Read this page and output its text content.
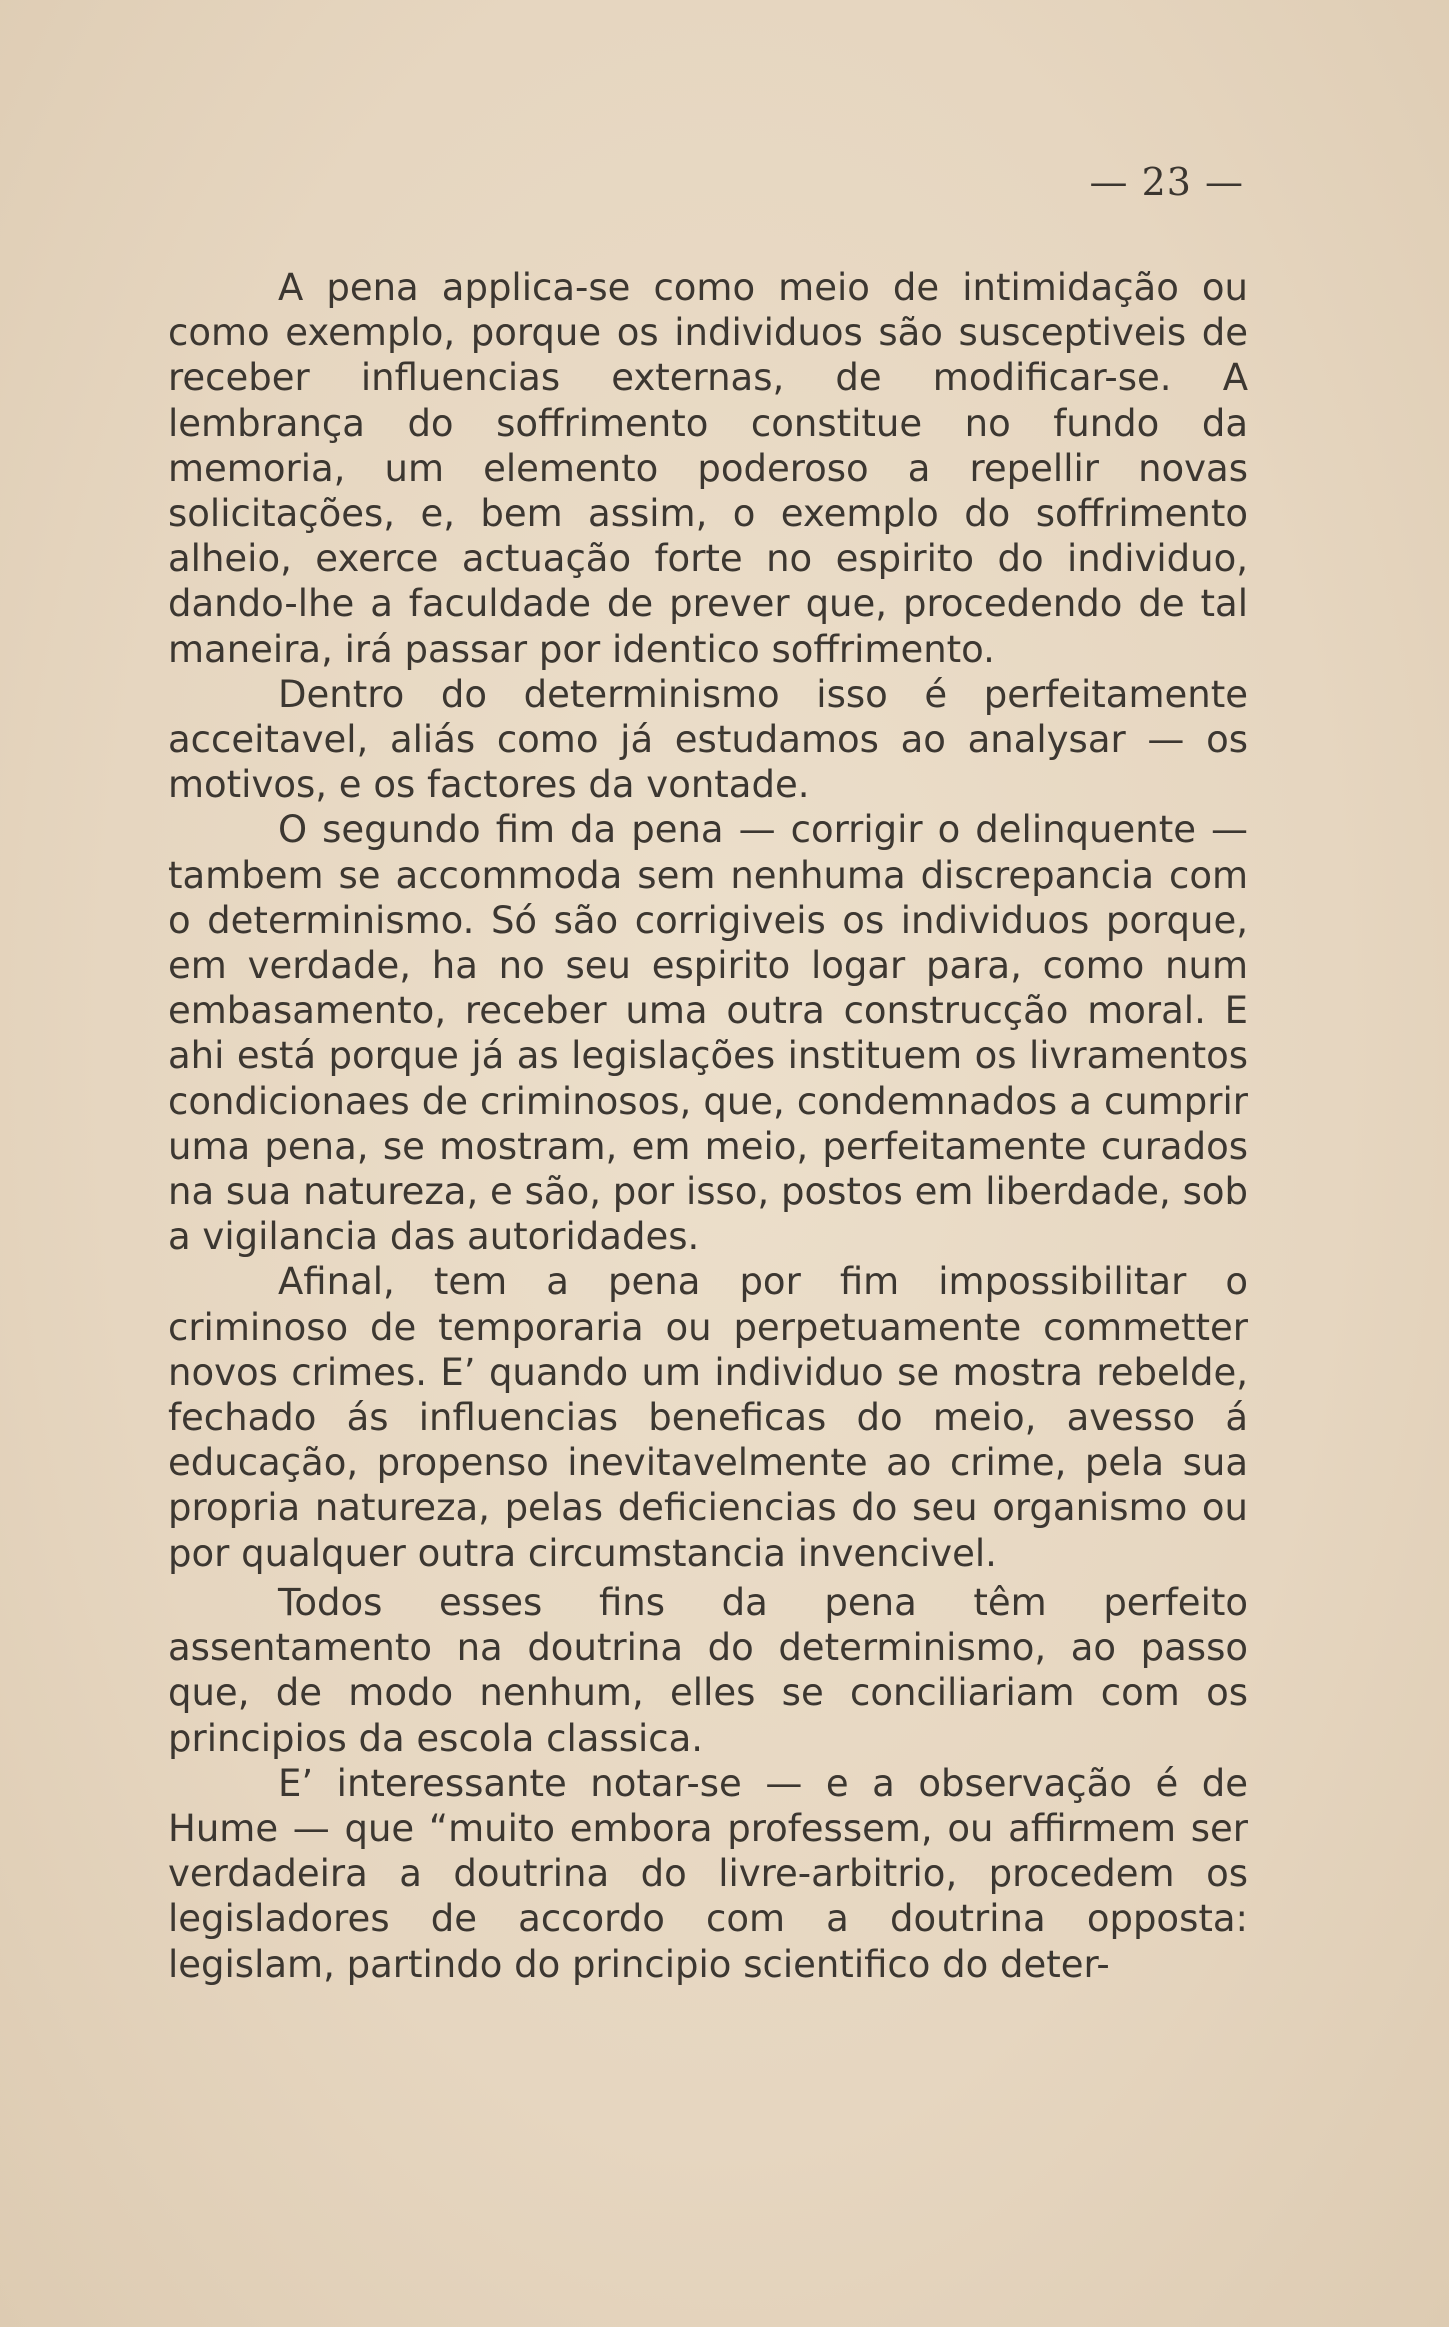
— 23 —

A pena applica-se como meio de intimidação ou como exemplo, porque os individuos são susceptiveis de receber influencias externas, de modificar-se. A lembrança do soffrimento constitue no fundo da memoria, um elemento poderoso a repellir novas solicitações, e, bem assim, o exemplo do soffrimento alheio, exerce actuação forte no espirito do individuo, dando-lhe a faculdade de prever que, procedendo de tal maneira, irá passar por identico soffrimento.

Dentro do determinismo isso é perfeitamente acceitavel, aliás como já estudamos ao analysar — os motivos, e os factores da vontade.

O segundo fim da pena — corrigir o delinquente — tambem se accommoda sem nenhuma discrepancia com o determinismo. Só são corrigiveis os individuos porque, em verdade, ha no seu espirito logar para, como num embasamento, receber uma outra construcção moral. E ahi está porque já as legislações instituem os livramentos condicionaes de criminosos, que, condemnados a cumprir uma pena, se mostram, em meio, perfeitamente curados na sua natureza, e são, por isso, postos em liberdade, sob a vigilancia das autoridades.

Afinal, tem a pena por fim impossibilitar o criminoso de temporaria ou perpetuamente commetter novos crimes. E’ quando um individuo se mostra rebelde, fechado ás influencias beneficas do meio, avesso á educação, propenso inevitavelmente ao crime, pela sua propria natureza, pelas deficiencias do seu organismo ou por qualquer outra circumstancia invencivel.

Todos esses fins da pena têm perfeito assentamento na doutrina do determinismo, ao passo que, de modo nenhum, elles se conciliariam com os principios da escola classica.

E’ interessante notar-se — e a observação é de Hume — que “muito embora professem, ou affirmem ser verdadeira a doutrina do livre-arbitrio, procedem os legisladores de accordo com a doutrina opposta: legislam, partindo do principio scientifico do deter-
